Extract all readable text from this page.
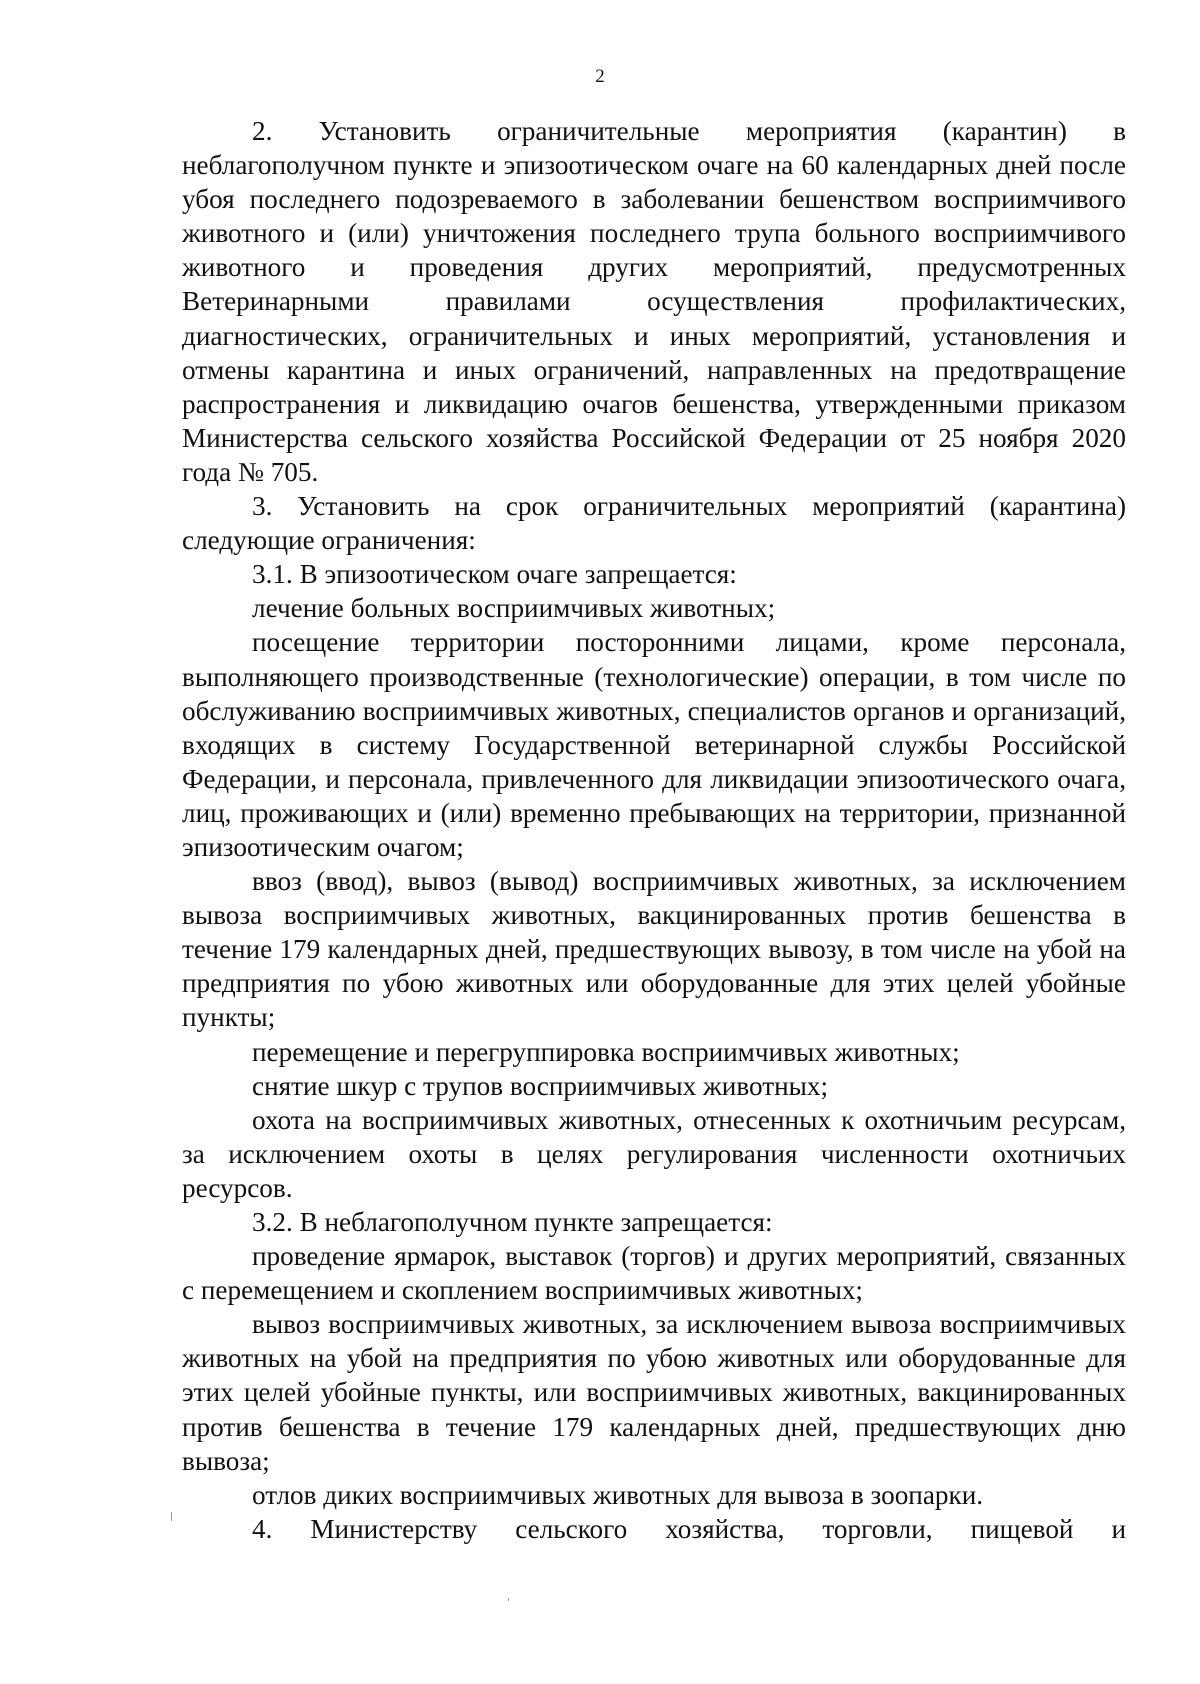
2

2. Установить ограничительные мероприятия (карантин) в неблагополучном пункте и эпизоотическом очаге на 60 календарных дней после убоя последнего подозреваемого в заболевании бешенством восприимчивого животного и (или) уничтожения последнего трупа больного восприимчивого животного и проведения других мероприятий, предусмотренных Ветеринарными правилами осуществления профилактических, диагностических, ограничительных и иных мероприятий, установления и отмены карантина и иных ограничений, направленных на предотвращение распространения и ликвидацию очагов бешенства, утвержденными приказом Министерства сельского хозяйства Российской Федерации от 25 ноября 2020 года № 705.

3. Установить на срок ограничительных мероприятий (карантина) следующие ограничения:

3.1. В эпизоотическом очаге запрещается:

лечение больных восприимчивых животных;

посещение территории посторонними лицами, кроме персонала, выполняющего производственные (технологические) операции, в том числе по обслуживанию восприимчивых животных, специалистов органов и организаций, входящих в систему Государственной ветеринарной службы Российской Федерации, и персонала, привлеченного для ликвидации эпизоотического очага, лиц, проживающих и (или) временно пребывающих на территории, признанной эпизоотическим очагом;

ввоз (ввод), вывоз (вывод) восприимчивых животных, за исключением вывоза восприимчивых животных, вакцинированных против бешенства в течение 179 календарных дней, предшествующих вывозу, в том числе на убой на предприятия по убою животных или оборудованные для этих целей убойные пункты;

перемещение и перегруппировка восприимчивых животных;

снятие шкур с трупов восприимчивых животных;

охота на восприимчивых животных, отнесенных к охотничьим ресурсам, за исключением охоты в целях регулирования численности охотничьих ресурсов.

3.2. В неблагополучном пункте запрещается:

проведение ярмарок, выставок (торгов) и других мероприятий, связанных с перемещением и скоплением восприимчивых животных;

вывоз восприимчивых животных, за исключением вывоза восприимчивых животных на убой на предприятия по убою животных или оборудованные для этих целей убойные пункты, или восприимчивых животных, вакцинированных против бешенства в течение 179 календарных дней, предшествующих дню вывоза;

отлов диких восприимчивых животных для вывоза в зоопарки.

4. Министерству сельского хозяйства, торговли, пищевой и
